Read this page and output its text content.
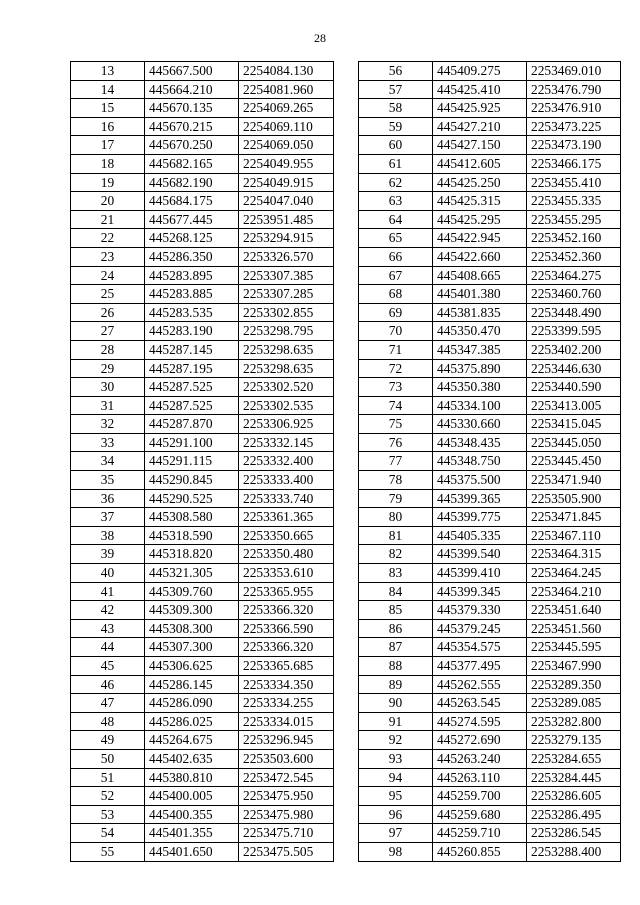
28
13	445667.500	2254084.130
14	445664.210	2254081.960
15	445670.135	2254069.265
16	445670.215	2254069.110
17	445670.250	2254069.050
18	445682.165	2254049.955
19	445682.190	2254049.915
20	445684.175	2254047.040
21	445677.445	2253951.485
22	445268.125	2253294.915
23	445286.350	2253326.570
24	445283.895	2253307.385
25	445283.885	2253307.285
26	445283.535	2253302.855
27	445283.190	2253298.795
28	445287.145	2253298.635
29	445287.195	2253298.635
30	445287.525	2253302.520
31	445287.525	2253302.535
32	445287.870	2253306.925
33	445291.100	2253332.145
34	445291.115	2253332.400
35	445290.845	2253333.400
36	445290.525	2253333.740
37	445308.580	2253361.365
38	445318.590	2253350.665
39	445318.820	2253350.480
40	445321.305	2253353.610
41	445309.760	2253365.955
42	445309.300	2253366.320
43	445308.300	2253366.590
44	445307.300	2253366.320
45	445306.625	2253365.685
46	445286.145	2253334.350
47	445286.090	2253334.255
48	445286.025	2253334.015
49	445264.675	2253296.945
50	445402.635	2253503.600
51	445380.810	2253472.545
52	445400.005	2253475.950
53	445400.355	2253475.980
54	445401.355	2253475.710
55	445401.650	2253475.505
56	445409.275	2253469.010
57	445425.410	2253476.790
58	445425.925	2253476.910
59	445427.210	2253473.225
60	445427.150	2253473.190
61	445412.605	2253466.175
62	445425.250	2253455.410
63	445425.315	2253455.335
64	445425.295	2253455.295
65	445422.945	2253452.160
66	445422.660	2253452.360
67	445408.665	2253464.275
68	445401.380	2253460.760
69	445381.835	2253448.490
70	445350.470	2253399.595
71	445347.385	2253402.200
72	445375.890	2253446.630
73	445350.380	2253440.590
74	445334.100	2253413.005
75	445330.660	2253415.045
76	445348.435	2253445.050
77	445348.750	2253445.450
78	445375.500	2253471.940
79	445399.365	2253505.900
80	445399.775	2253471.845
81	445405.335	2253467.110
82	445399.540	2253464.315
83	445399.410	2253464.245
84	445399.345	2253464.210
85	445379.330	2253451.640
86	445379.245	2253451.560
87	445354.575	2253445.595
88	445377.495	2253467.990
89	445262.555	2253289.350
90	445263.545	2253289.085
91	445274.595	2253282.800
92	445272.690	2253279.135
93	445263.240	2253284.655
94	445263.110	2253284.445
95	445259.700	2253286.605
96	445259.680	2253286.495
97	445259.710	2253286.545
98	445260.855	2253288.400
